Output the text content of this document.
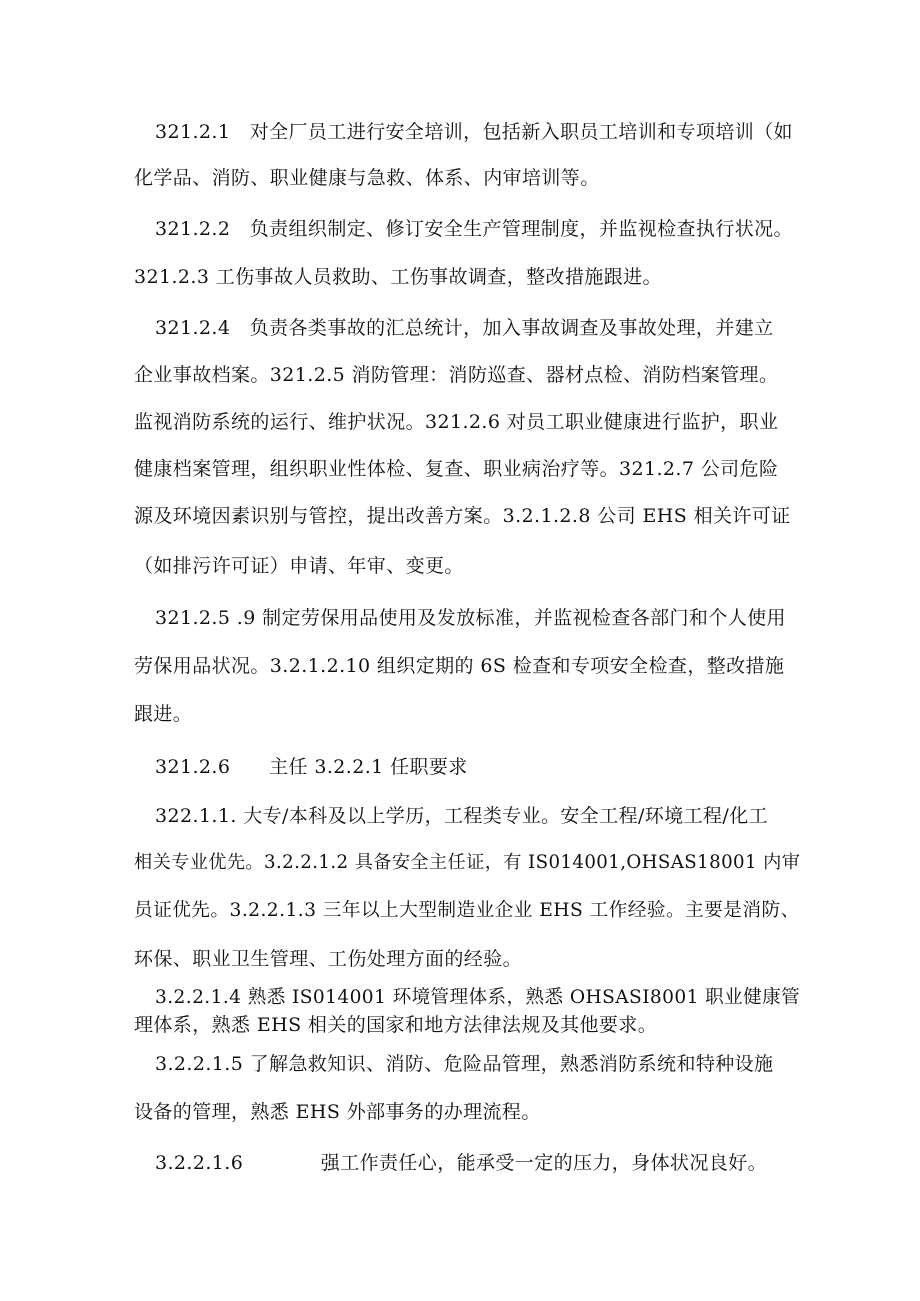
321.2.1　对全厂员工进行安全培训，包括新入职员工培训和专项培训（如
化学品、消防、职业健康与急救、体系、内审培训等。
321.2.2　负责组织制定、修订安全生产管理制度，并监视检查执行状况。
321.2.3 工伤事故人员救助、工伤事故调查，整改措施跟进。
321.2.4　负责各类事故的汇总统计，加入事故调查及事故处理，并建立
企业事故档案。321.2.5 消防管理：消防巡查、器材点检、消防档案管理。
监视消防系统的运行、维护状况。321.2.6 对员工职业健康进行监护，职业
健康档案管理，组织职业性体检、复查、职业病治疗等。321.2.7 公司危险
源及环境因素识别与管控，提出改善方案。3.2.1.2.8 公司 EHS 相关许可证
（如排污许可证）申请、年审、变更。
321.2.5 .9 制定劳保用品使用及发放标准，并监视检查各部门和个人使用
劳保用品状况。3.2.1.2.10 组织定期的 6S 检查和专项安全检查，整改措施
跟进。
321.2.6　　主任 3.2.2.1 任职要求
322.1.1. 大专/本科及以上学历，工程类专业。安全工程/环境工程/化工
相关专业优先。3.2.2.1.2 具备安全主任证，有 IS014001,OHSAS18001 内审
员证优先。3.2.2.1.3 三年以上大型制造业企业 EHS 工作经验。主要是消防、
环保、职业卫生管理、工伤处理方面的经验。
3.2.2.1.4 熟悉 IS014001 环境管理体系，熟悉 OHSASI8001 职业健康管
理体系，熟悉 EHS 相关的国家和地方法律法规及其他要求。
3.2.2.1.5 了解急救知识、消防、危险品管理，熟悉消防系统和特种设施
设备的管理，熟悉 EHS 外部事务的办理流程。
3.2.2.1.6　　　　强工作责任心，能承受一定的压力，身体状况良好。
